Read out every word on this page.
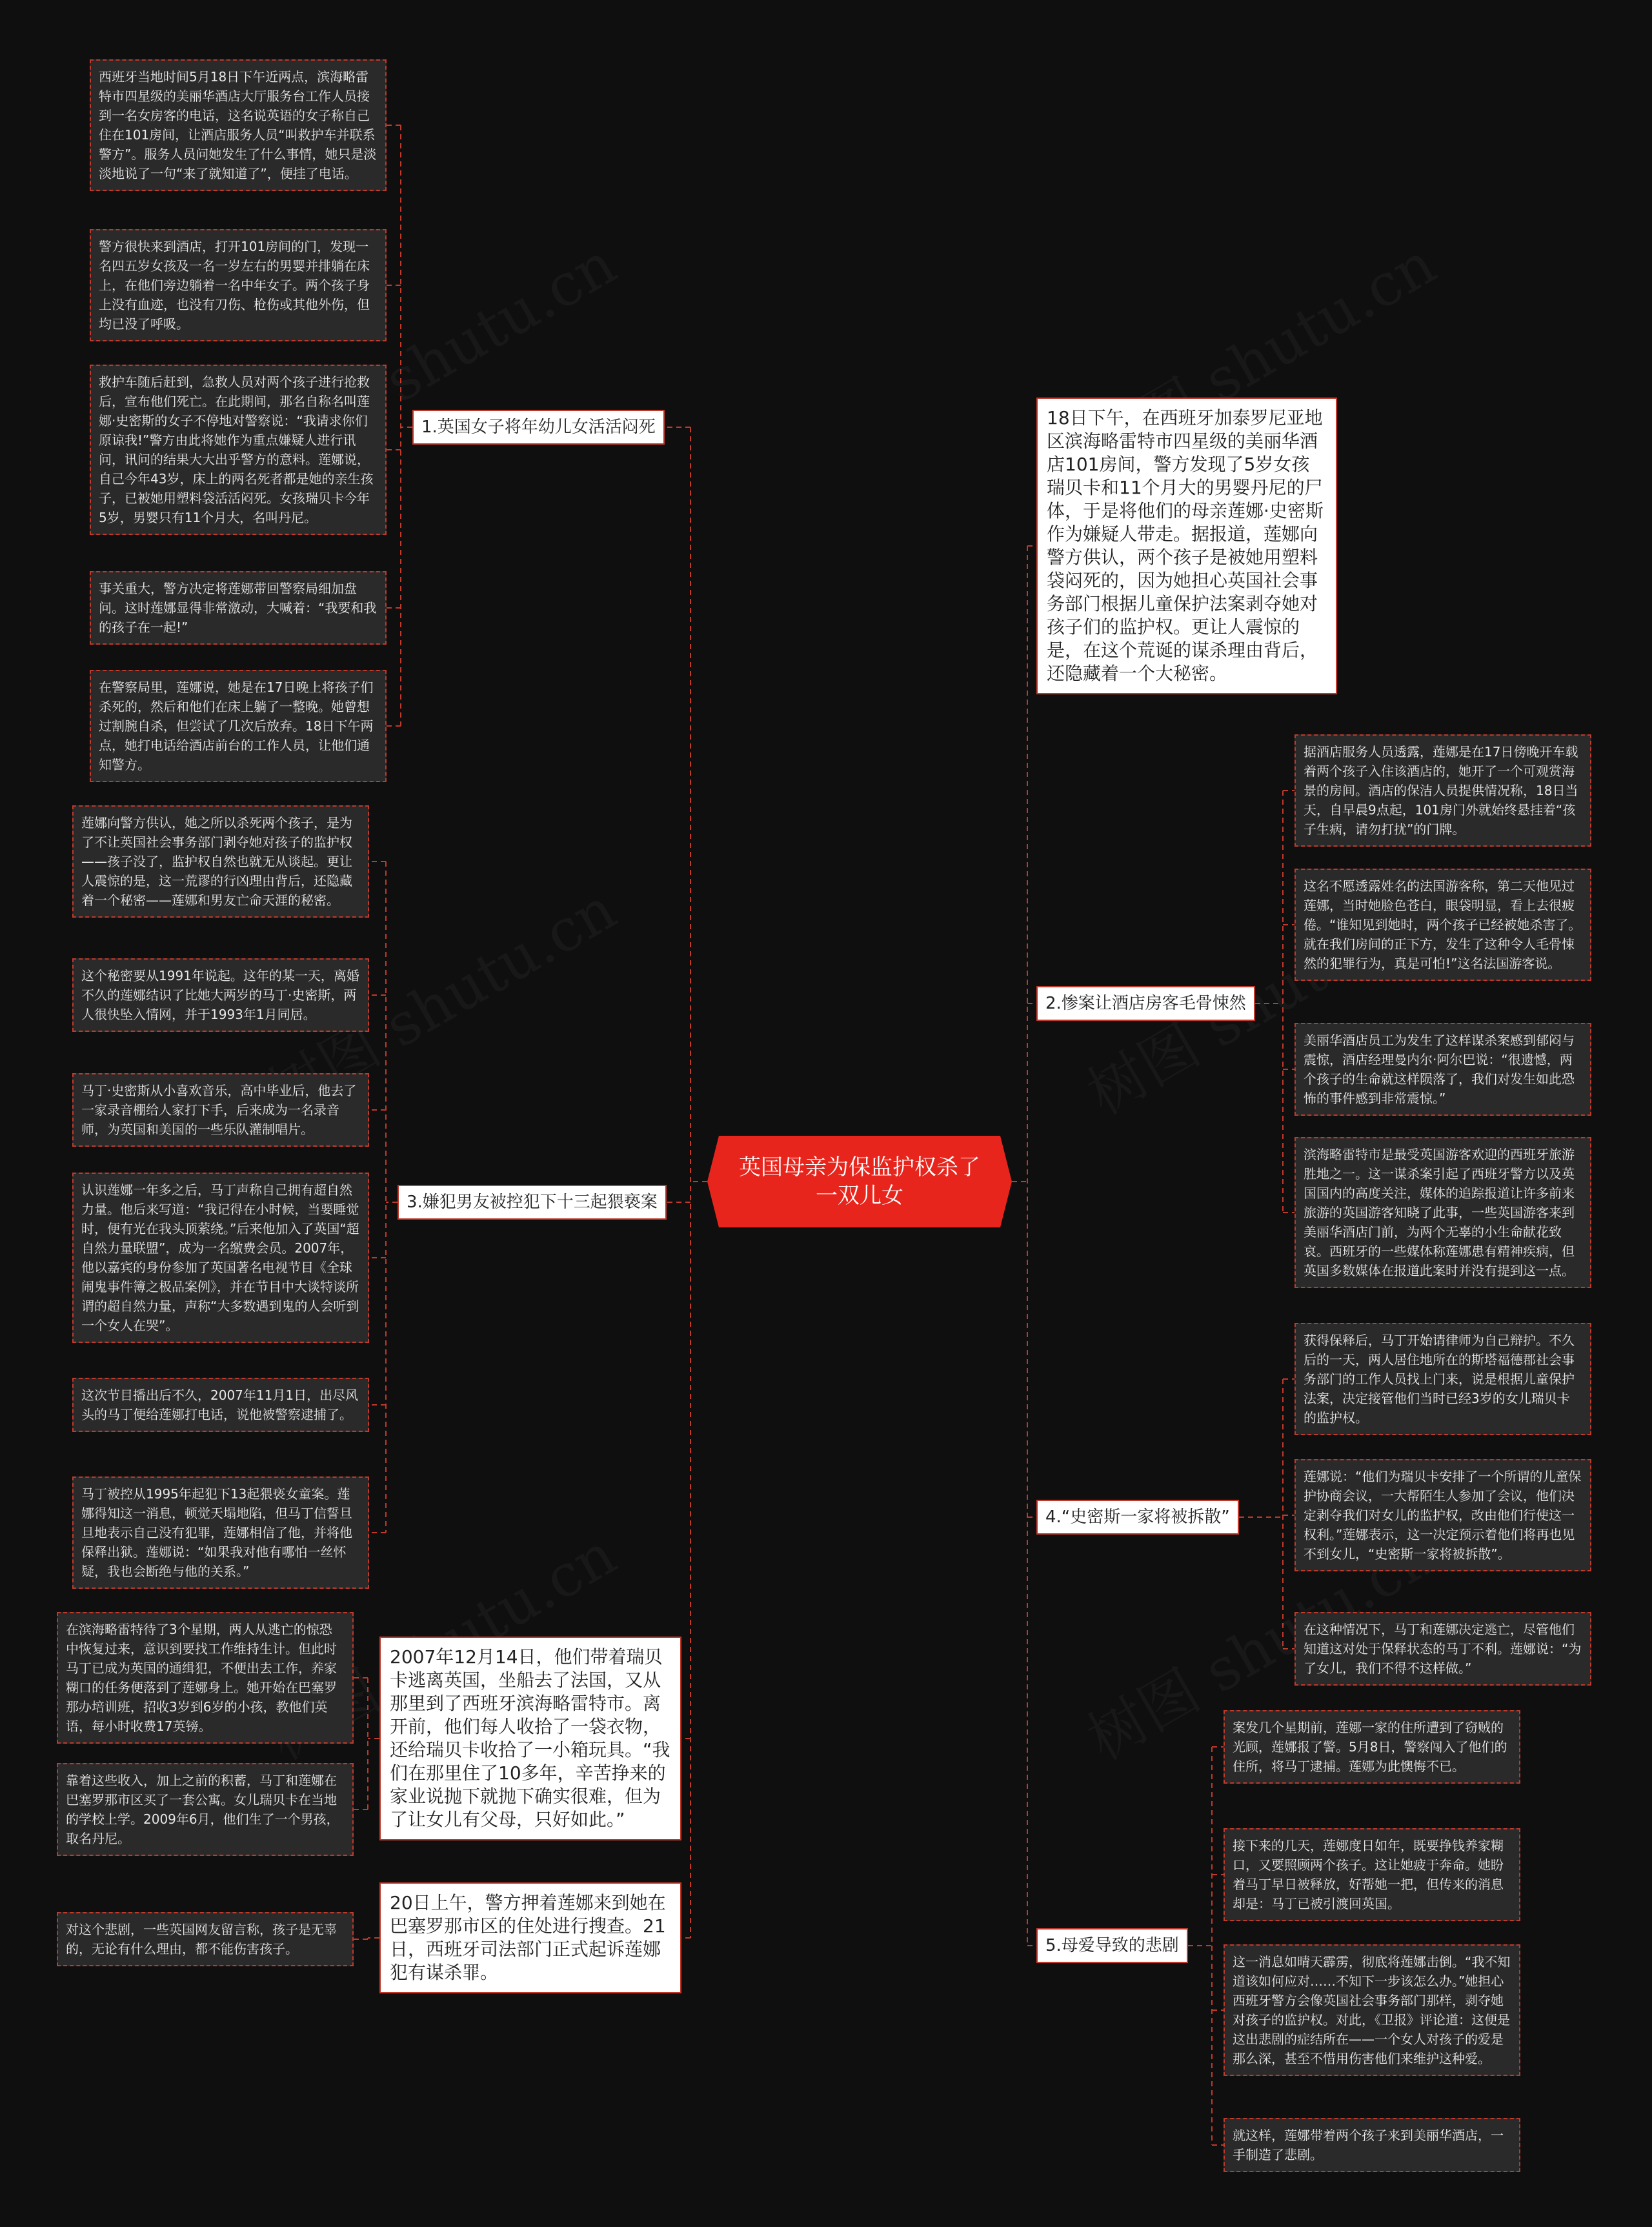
英国母亲为保监护权杀了一双儿女
1.英国女子将年幼儿女活活闷死
西班牙当地时间5月18日下午近两点，滨海略雷特市四星级的美丽华酒店大厅服务台工作人员接到一名女房客的电话，这名说英语的女子称自己住在101房间，让酒店服务人员“叫救护车并联系警方”。服务人员问她发生了什么事情，她只是淡淡地说了一句“来了就知道了”，便挂了电话。
警方很快来到酒店，打开101房间的门，发现一名四五岁女孩及一名一岁左右的男婴并排躺在床上，在他们旁边躺着一名中年女子。两个孩子身上没有血迹，也没有刀伤、枪伤或其他外伤，但均已没了呼吸。
救护车随后赶到，急救人员对两个孩子进行抢救后，宣布他们死亡。在此期间，那名自称名叫莲娜·史密斯的女子不停地对警察说：“我请求你们原谅我!”警方由此将她作为重点嫌疑人进行讯问，讯问的结果大大出乎警方的意料。莲娜说，自己今年43岁，床上的两名死者都是她的亲生孩子，已被她用塑料袋活活闷死。女孩瑞贝卡今年5岁，男婴只有11个月大，名叫丹尼。
事关重大，警方决定将莲娜带回警察局细加盘问。这时莲娜显得非常激动，大喊着：“我要和我的孩子在一起!”
在警察局里，莲娜说，她是在17日晚上将孩子们杀死的，然后和他们在床上躺了一整晚。她曾想过割腕自杀，但尝试了几次后放弃。18日下午两点，她打电话给酒店前台的工作人员，让他们通知警方。
3.嫌犯男友被控犯下十三起猥亵案
莲娜向警方供认，她之所以杀死两个孩子，是为了不让英国社会事务部门剥夺她对孩子的监护权——孩子没了，监护权自然也就无从谈起。更让人震惊的是，这一荒谬的行凶理由背后，还隐藏着一个秘密——莲娜和男友亡命天涯的秘密。
这个秘密要从1991年说起。这年的某一天，离婚不久的莲娜结识了比她大两岁的马丁·史密斯，两人很快坠入情网，并于1993年1月同居。
马丁·史密斯从小喜欢音乐，高中毕业后，他去了一家录音棚给人家打下手，后来成为一名录音师，为英国和美国的一些乐队灌制唱片。
认识莲娜一年多之后，马丁声称自己拥有超自然力量。他后来写道：“我记得在小时候，当要睡觉时，便有光在我头顶萦绕。”后来他加入了英国“超自然力量联盟”，成为一名缴费会员。2007年，他以嘉宾的身份参加了英国著名电视节目《全球闹鬼事件簿之极品案例》，并在节目中大谈特谈所谓的超自然力量，声称“大多数遇到鬼的人会听到一个女人在哭”。
这次节目播出后不久，2007年11月1日，出尽风头的马丁便给莲娜打电话，说他被警察逮捕了。
马丁被控从1995年起犯下13起猥亵女童案。莲娜得知这一消息，顿觉天塌地陷，但马丁信誓旦旦地表示自己没有犯罪，莲娜相信了他，并将他保释出狱。莲娜说：“如果我对他有哪怕一丝怀疑，我也会断绝与他的关系。”
2007年12月14日，他们带着瑞贝卡逃离英国，坐船去了法国，又从那里到了西班牙滨海略雷特市。离开前，他们每人收拾了一袋衣物，还给瑞贝卡收拾了一小箱玩具。“我们在那里住了10多年，辛苦挣来的家业说抛下就抛下确实很难，但为了让女儿有父母，只好如此。”
在滨海略雷特待了3个星期，两人从逃亡的惊恐中恢复过来，意识到要找工作维持生计。但此时马丁已成为英国的通缉犯，不便出去工作，养家糊口的任务便落到了莲娜身上。她开始在巴塞罗那办培训班，招收3岁到6岁的小孩，教他们英语，每小时收费17英镑。
靠着这些收入，加上之前的积蓄，马丁和莲娜在巴塞罗那市区买了一套公寓。女儿瑞贝卡在当地的学校上学。2009年6月，他们生了一个男孩，取名丹尼。
20日上午，警方押着莲娜来到她在巴塞罗那市区的住处进行搜查。21日，西班牙司法部门正式起诉莲娜犯有谋杀罪。
对这个悲剧，一些英国网友留言称，孩子是无辜的，无论有什么理由，都不能伤害孩子。
18日下午，在西班牙加泰罗尼亚地区滨海略雷特市四星级的美丽华酒店101房间，警方发现了5岁女孩瑞贝卡和11个月大的男婴丹尼的尸体，于是将他们的母亲莲娜·史密斯作为嫌疑人带走。据报道，莲娜向警方供认，两个孩子是被她用塑料袋闷死的，因为她担心英国社会事务部门根据儿童保护法案剥夺她对孩子们的监护权。更让人震惊的是，在这个荒诞的谋杀理由背后，还隐藏着一个大秘密。
2.惨案让酒店房客毛骨悚然
据酒店服务人员透露，莲娜是在17日傍晚开车载着两个孩子入住该酒店的，她开了一个可观赏海景的房间。酒店的保洁人员提供情况称，18日当天，自早晨9点起，101房门外就始终悬挂着“孩子生病，请勿打扰”的门牌。
这名不愿透露姓名的法国游客称，第二天他见过莲娜，当时她脸色苍白，眼袋明显，看上去很疲倦。“谁知见到她时，两个孩子已经被她杀害了。就在我们房间的正下方，发生了这种令人毛骨悚然的犯罪行为，真是可怕!”这名法国游客说。
美丽华酒店员工为发生了这样谋杀案感到郁闷与震惊，酒店经理曼内尔·阿尔巴说：“很遗憾，两个孩子的生命就这样陨落了，我们对发生如此恐怖的事件感到非常震惊。”
滨海略雷特市是最受英国游客欢迎的西班牙旅游胜地之一。这一谋杀案引起了西班牙警方以及英国国内的高度关注，媒体的追踪报道让许多前来旅游的英国游客知晓了此事，一些英国游客来到美丽华酒店门前，为两个无辜的小生命献花致哀。西班牙的一些媒体称莲娜患有精神疾病，但英国多数媒体在报道此案时并没有提到这一点。
4.“史密斯一家将被拆散”
获得保释后，马丁开始请律师为自己辩护。不久后的一天，两人居住地所在的斯塔福德郡社会事务部门的工作人员找上门来，说是根据儿童保护法案，决定接管他们当时已经3岁的女儿瑞贝卡的监护权。
莲娜说：“他们为瑞贝卡安排了一个所谓的儿童保护协商会议，一大帮陌生人参加了会议，他们决定剥夺我们对女儿的监护权，改由他们行使这一权利。”莲娜表示，这一决定预示着他们将再也见不到女儿，“史密斯一家将被拆散”。
在这种情况下，马丁和莲娜决定逃亡，尽管他们知道这对处于保释状态的马丁不利。莲娜说：“为了女儿，我们不得不这样做。”
5.母爱导致的悲剧
案发几个星期前，莲娜一家的住所遭到了窃贼的光顾，莲娜报了警。5月8日，警察闯入了他们的住所，将马丁逮捕。莲娜为此懊悔不已。
接下来的几天，莲娜度日如年，既要挣钱养家糊口，又要照顾两个孩子。这让她疲于奔命。她盼着马丁早日被释放，好帮她一把，但传来的消息却是：马丁已被引渡回英国。
这一消息如晴天霹雳，彻底将莲娜击倒。“我不知道该如何应对……不知下一步该怎么办。”她担心西班牙警方会像英国社会事务部门那样，剥夺她对孩子的监护权。对此，《卫报》评论道：这便是这出悲剧的症结所在——一个女人对孩子的爱是那么深，甚至不惜用伤害他们来维护这种爱。
就这样，莲娜带着两个孩子来到美丽华酒店，一手制造了悲剧。
